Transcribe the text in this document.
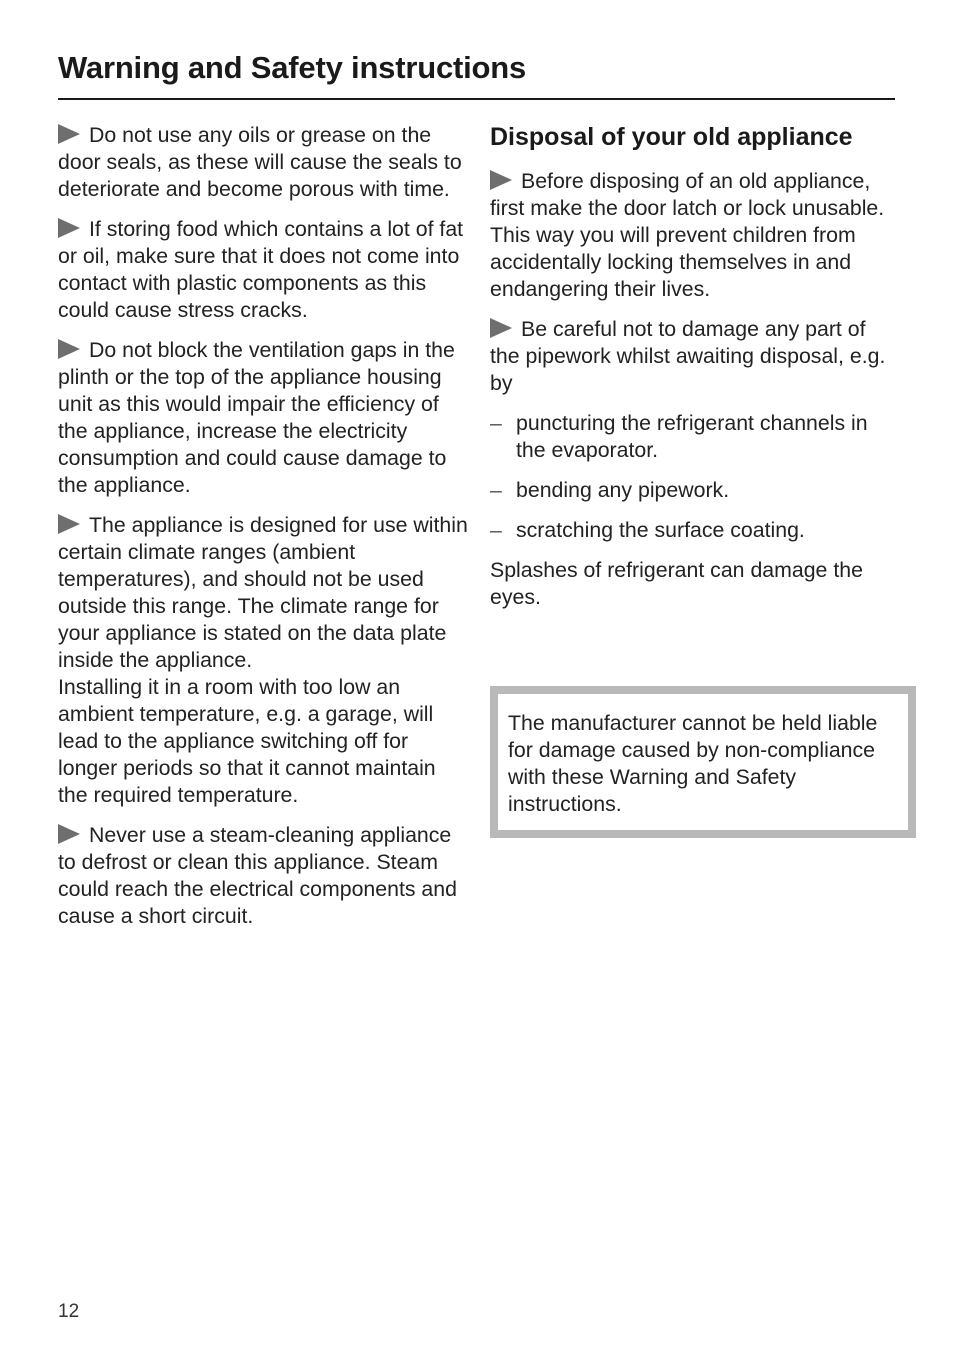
Warning and Safety instructions

Do not use any oils or grease on the door seals, as these will cause the seals to deteriorate and become porous with time.

If storing food which contains a lot of fat or oil, make sure that it does not come into contact with plastic components as this could cause stress cracks.

Do not block the ventilation gaps in the plinth or the top of the appliance housing unit as this would impair the efficiency of the appliance, increase the electricity consumption and could cause damage to the appliance.

The appliance is designed for use within certain climate ranges (ambient temperatures), and should not be used outside this range. The climate range for your appliance is stated on the data plate inside the appliance.
Installing it in a room with too low an ambient temperature, e.g. a garage, will lead to the appliance switching off for longer periods so that it cannot maintain the required temperature.

Never use a steam-cleaning appliance to defrost or clean this appliance. Steam could reach the electrical components and cause a short circuit.

Disposal of your old appliance

Before disposing of an old appliance, first make the door latch or lock unusable.
This way you will prevent children from accidentally locking themselves in and endangering their lives.

Be careful not to damage any part of the pipework whilst awaiting disposal, e.g. by

– puncturing the refrigerant channels in the evaporator.
– bending any pipework.
– scratching the surface coating.

Splashes of refrigerant can damage the eyes.

The manufacturer cannot be held liable for damage caused by non-compliance with these Warning and Safety instructions.
12
